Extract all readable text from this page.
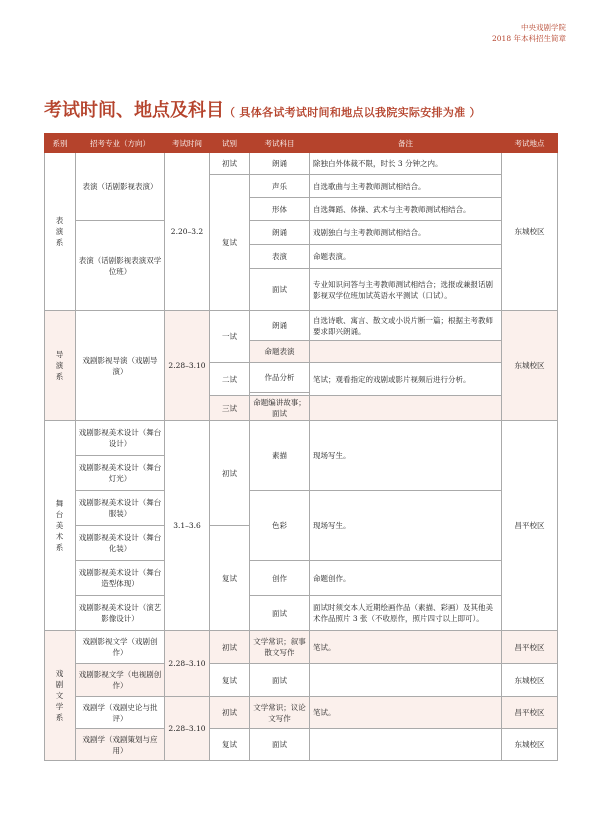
中央戏剧学院
2018 年本科招生简章
考试时间、地点及科目（ 具体各试考试时间和地点以我院实际安排为准 ）
系别	招考专业（方向）	考试时间	试别	考试科目	备注	考试地点

表演系	表演（话剧影视表演）	2.20–3.2	初试	朗诵	除独白外体裁不限，时长 3 分钟之内。	东城校区
			复试	声乐	自选歌曲与主考教师测试相结合。	
				形体	自选舞蹈、体操、武术与主考教师测试相结合。	
	表演（话剧影视表演双学位班）			朗诵	戏剧独白与主考教师测试相结合。	
				表演	命题表演。	
				面试	专业知识问答与主考教师测试相结合；选报或兼报话剧影视双学位班加试英语水平测试（口试）。	

导演系	戏剧影视导演（戏剧导演）	2.28–3.10	一试	朗诵	自选诗歌、寓言、散文或小说片断一篇；根据主考教师要求即兴朗诵。	东城校区
				命题表演		
			二试	作品分析	笔试；观看指定的戏剧或影片视频后进行分析。	

			三试	命题编讲故事；面试		

舞台美术系	戏剧影视美术设计（舞台设计）	3.1–3.6	初试	素描	现场写生。	昌平校区
	戏剧影视美术设计（舞台灯光）					
	戏剧影视美术设计（舞台服装）			色彩	现场写生。	
	戏剧影视美术设计（舞台化装）		复试			
	戏剧影视美术设计（舞台造型体现）			创作	命题创作。	
	戏剧影视美术设计（演艺影像设计）			面试	面试时须交本人近期绘画作品（素描、彩画）及其他美术作品照片 3 张（不收原作，照片四寸以上即可）。	

戏剧文学系	戏剧影视文学（戏剧创作）	2.28–3.10	初试	文学常识；叙事散文写作	笔试。	昌平校区
	戏剧影视文学（电视剧创作）		复试	面试		东城校区
	戏剧学（戏剧史论与批评）	2.28–3.10	初试	文学常识；议论文写作	笔试。	昌平校区
	戏剧学（戏剧策划与应用）		复试	面试		东城校区
